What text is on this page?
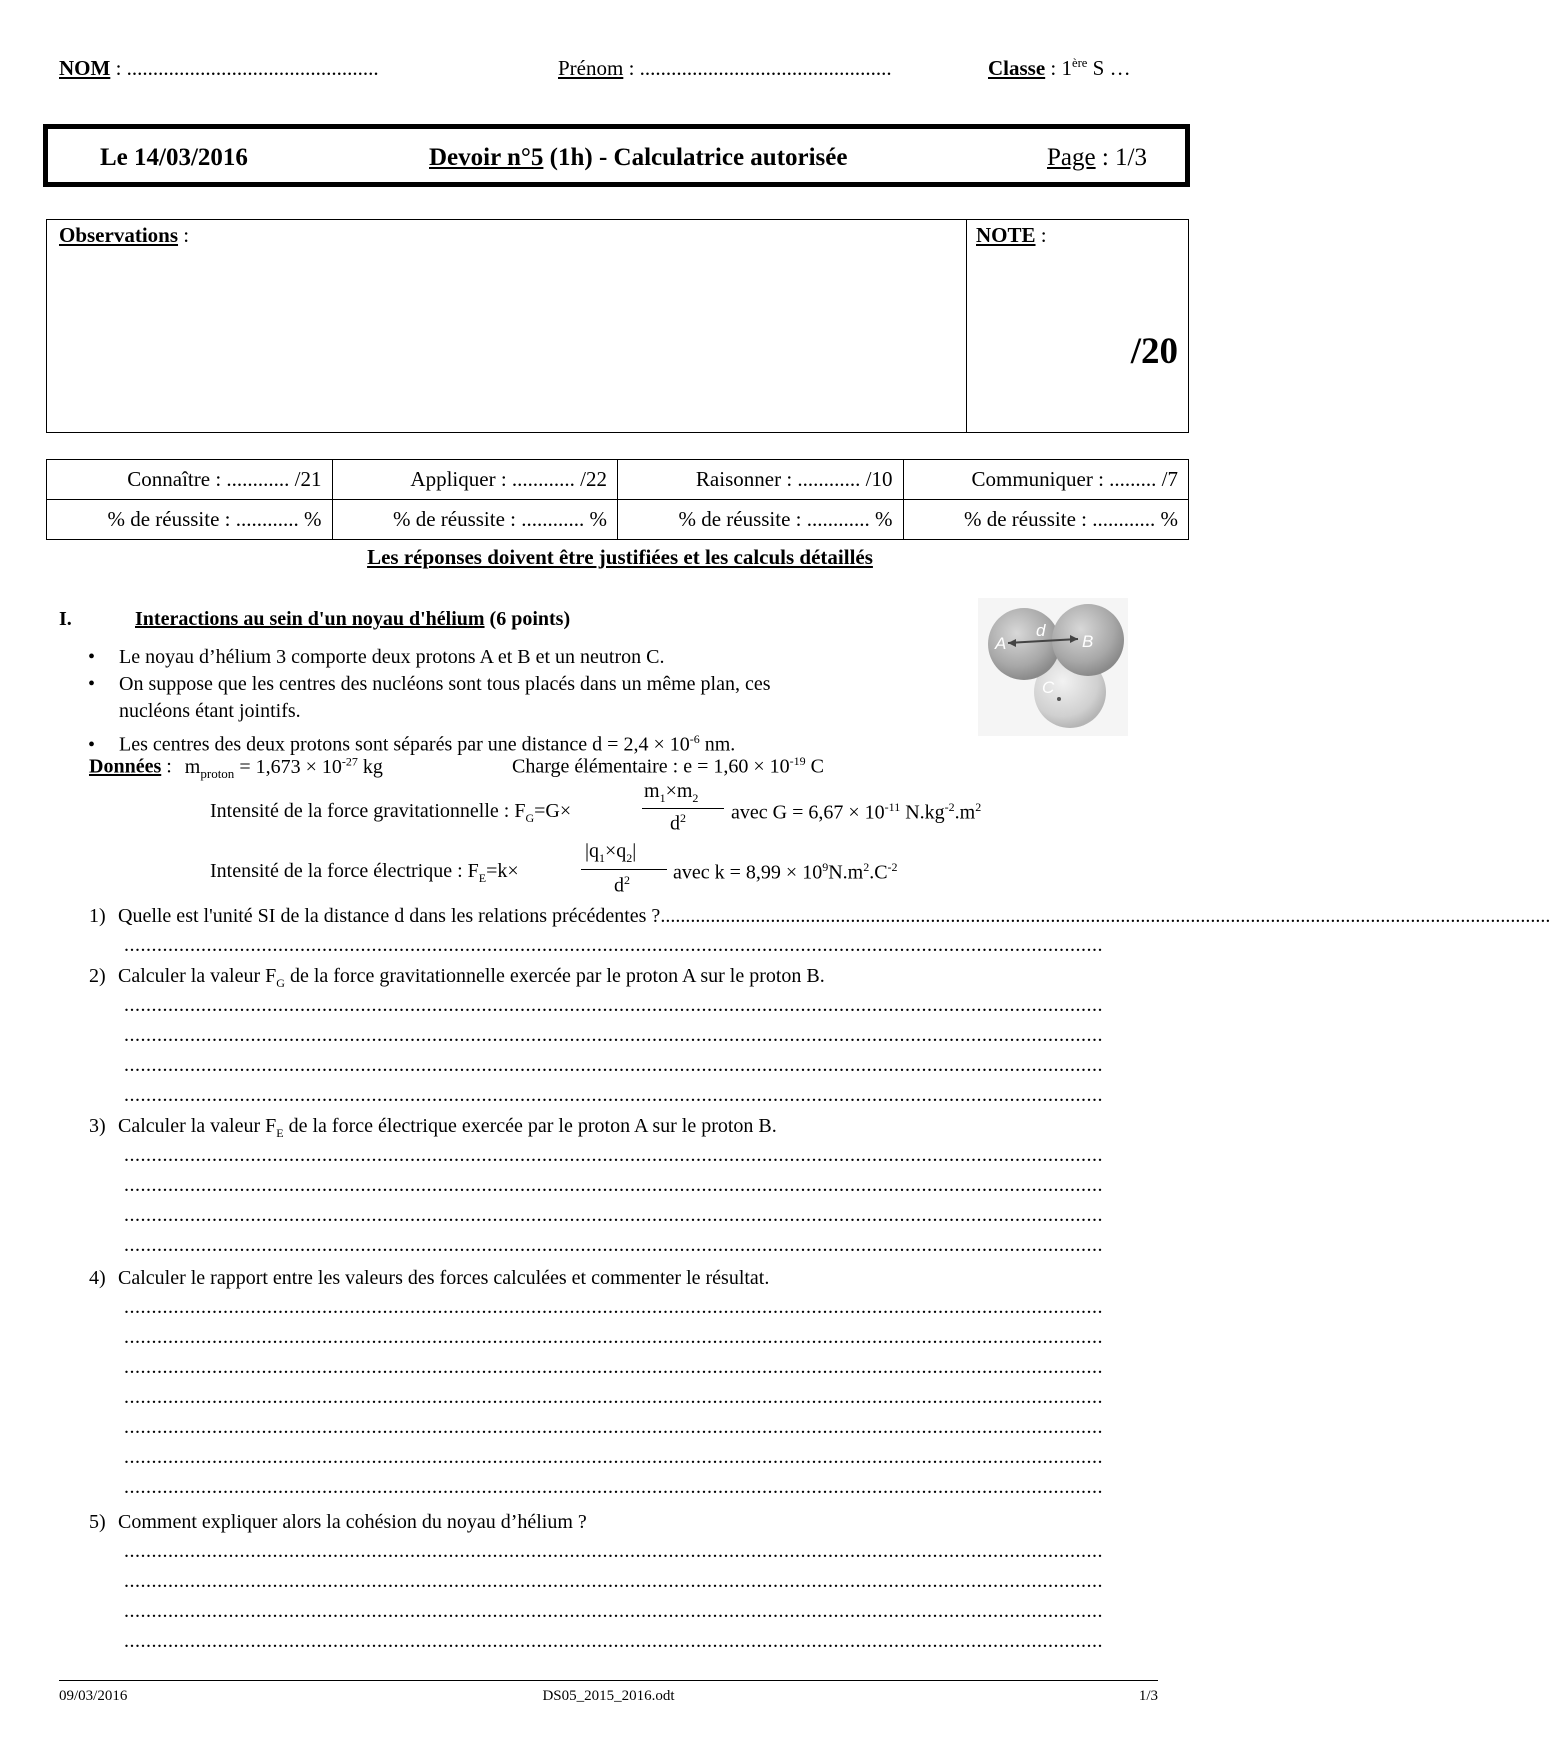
NOM : ................................................	Prénom : ................................................	Classe : 1ère S …
Le 14/03/2016	Devoir n°5 (1h) - Calculatrice autorisée	Page : 1/3
Observations :	NOTE :
/20
Connaître : ............ /21	Appliquer : ............ /22	Raisonner : ............ /10	Communiquer : ......... /7
% de réussite : ............ %	% de réussite : ............ %	% de réussite : ............ %	% de réussite : ............ %
Les réponses doivent être justifiées et les calculs détaillés
I.	Interactions au sein d'un noyau d'hélium (6 points)
• Le noyau d’hélium 3 comporte deux protons A et B et un neutron C.
• On suppose que les centres des nucléons sont tous placés dans un même plan, ces
nucléons étant jointifs.
• Les centres des deux protons sont séparés par une distance $d = 2,4 \times 10^{-6}$ nm.
A
d
B
C
Données : $m_{proton} = 1,673 \times 10^{-27}$ kg	Charge élémentaire : $e = 1,60 \times 10^{-19}$ C
Intensité de la force gravitationnelle : $F_G=G\times$
$m_1\times m_2$
$d^2$ avec $G = 6,67 \times 10^{-11}$ $N.kg^{-2}.m^2$
Intensité de la force électrique : $F_E=k\times$
$|q_1\times q_2|$
$d^2$ avec $k = 8,99 \times 10^9N.m^2.C^{-2}$
1) Quelle est l'unité SI de la distance d dans les relations précédentes ?..................................................................................................................................................................................
..................................................................................................................................................................................
2) Calculer la valeur $F_G$ de la force gravitationnelle exercée par le proton A sur le proton B.
..................................................................................................................................................................................
..................................................................................................................................................................................
..................................................................................................................................................................................
..................................................................................................................................................................................
3) Calculer la valeur $F_E$ de la force électrique exercée par le proton A sur le proton B.
..................................................................................................................................................................................
..................................................................................................................................................................................
..................................................................................................................................................................................
..................................................................................................................................................................................
4) Calculer le rapport entre les valeurs des forces calculées et commenter le résultat.
..................................................................................................................................................................................
..................................................................................................................................................................................
..................................................................................................................................................................................
..................................................................................................................................................................................
..................................................................................................................................................................................
..................................................................................................................................................................................
..................................................................................................................................................................................
5) Comment expliquer alors la cohésion du noyau d’hélium ?
..................................................................................................................................................................................
..................................................................................................................................................................................
..................................................................................................................................................................................
..................................................................................................................................................................................
09/03/2016	DS05_2015_2016.odt	1/3
